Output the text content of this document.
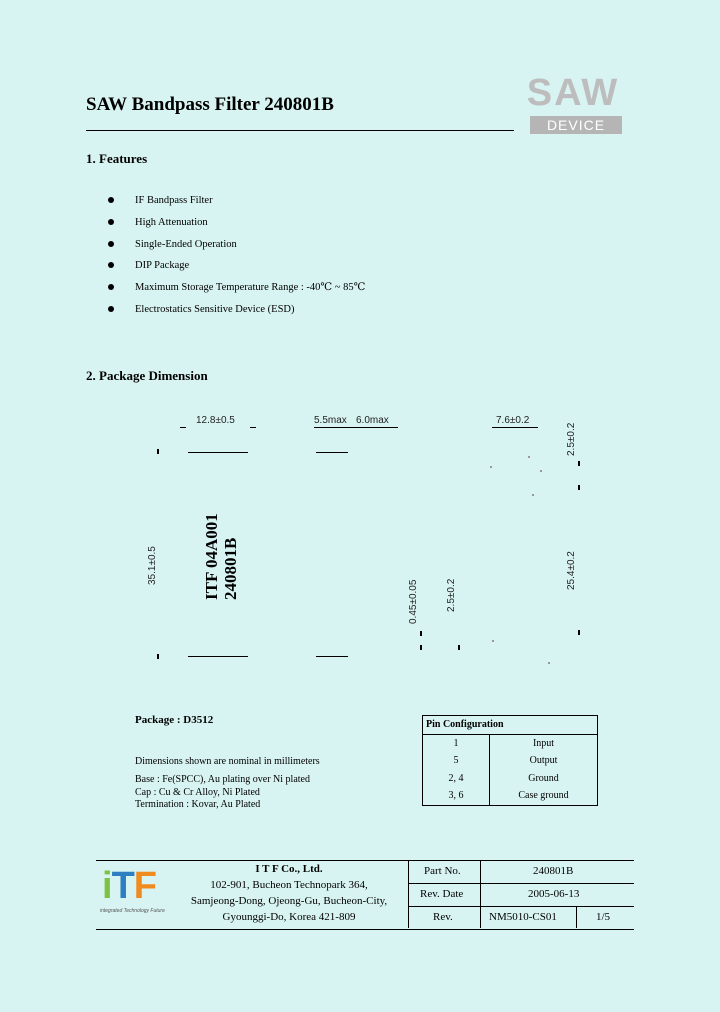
SAW Bandpass Filter 240801B	SAW
DEVICE
1. Features
IF Bandpass Filter
High Attenuation
Single-Ended Operation
DIP Package
Maximum Storage Temperature Range : -40℃ ~ 85℃
Electrostatics Sensitive Device (ESD)
2. Package Dimension
12.8±0.5	5.5max 6.0max	7.6±0.2
2.5±0.2
35.1±0.5
0.45±0.05	2.5±0.2
25.4±0.2
ITF 04A001 240801B
Package : D3512
Dimensions shown are nominal in millimeters
Base : Fe(SPCC), Au plating over Ni plated
Cap : Cu & Cr Alloy, Ni Plated
Termination : Kovar, Au Plated
Pin Configuration	
1	Input
5	Output
2, 4	Ground
3, 6	Case ground
iTF
integrated Technology Future
I T F Co., Ltd.
102-901, Bucheon Technopark 364,
Samjeong-Dong, Ojeong-Gu, Bucheon-City,
Gyounggi-Do, Korea 421-809
Part No.	240801B
Rev. Date	2005-06-13
Rev.	NM5010-CS01	1/5
